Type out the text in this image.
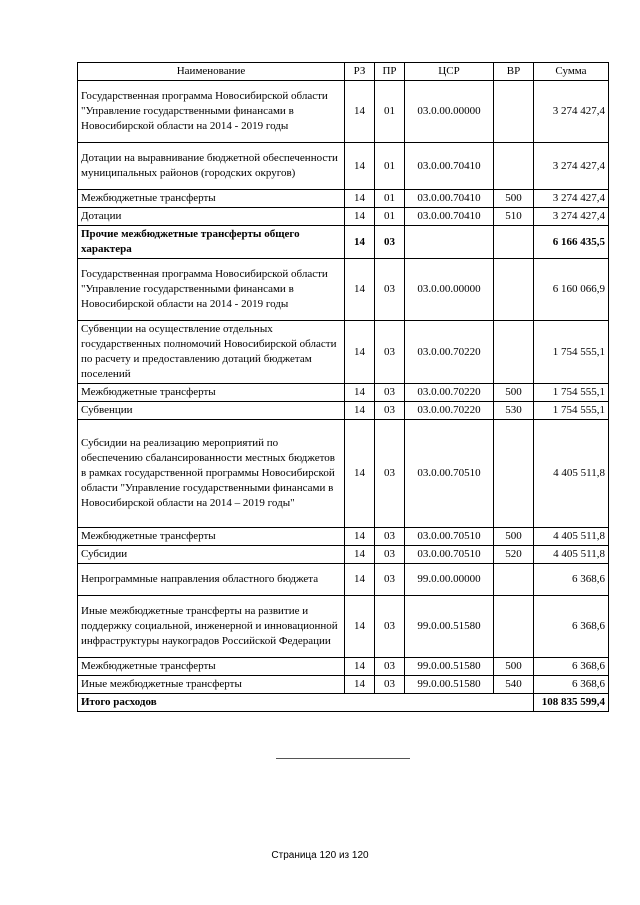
Наименование	РЗ	ПР	ЦСР	ВР	Сумма
Государственная программа Новосибирской области "Управление государственными финансами в Новосибирской области на 2014 - 2019 годы	14	01	03.0.00.00000		3 274 427,4
Дотации на выравнивание бюджетной обеспеченности муниципальных районов (городских округов)	14	01	03.0.00.70410		3 274 427,4
Межбюджетные трансферты	14	01	03.0.00.70410	500	3 274 427,4
Дотации	14	01	03.0.00.70410	510	3 274 427,4
Прочие межбюджетные трансферты общего характера	14	03			6 166 435,5
Государственная программа Новосибирской области "Управление государственными финансами в Новосибирской области на 2014 - 2019 годы	14	03	03.0.00.00000		6 160 066,9
Субвенции на осуществление отдельных государственных полномочий Новосибирской области по расчету и предоставлению дотаций бюджетам поселений	14	03	03.0.00.70220		1 754 555,1
Межбюджетные трансферты	14	03	03.0.00.70220	500	1 754 555,1
Субвенции	14	03	03.0.00.70220	530	1 754 555,1
Субсидии на реализацию мероприятий по обеспечению сбалансированности местных бюджетов в рамках государственной программы Новосибирской области "Управление государственными финансами в Новосибирской области на 2014 – 2019 годы"	14	03	03.0.00.70510		4 405 511,8
Межбюджетные трансферты	14	03	03.0.00.70510	500	4 405 511,8
Субсидии	14	03	03.0.00.70510	520	4 405 511,8
Непрограммные направления областного бюджета	14	03	99.0.00.00000		6 368,6
Иные межбюджетные трансферты на развитие и поддержку социальной, инженерной и инновационной инфраструктуры наукоградов Российской Федерации	14	03	99.0.00.51580		6 368,6
Межбюджетные трансферты	14	03	99.0.00.51580	500	6 368,6
Иные межбюджетные трансферты	14	03	99.0.00.51580	540	6 368,6
Итого расходов					108 835 599,4
Страница 120 из 120
